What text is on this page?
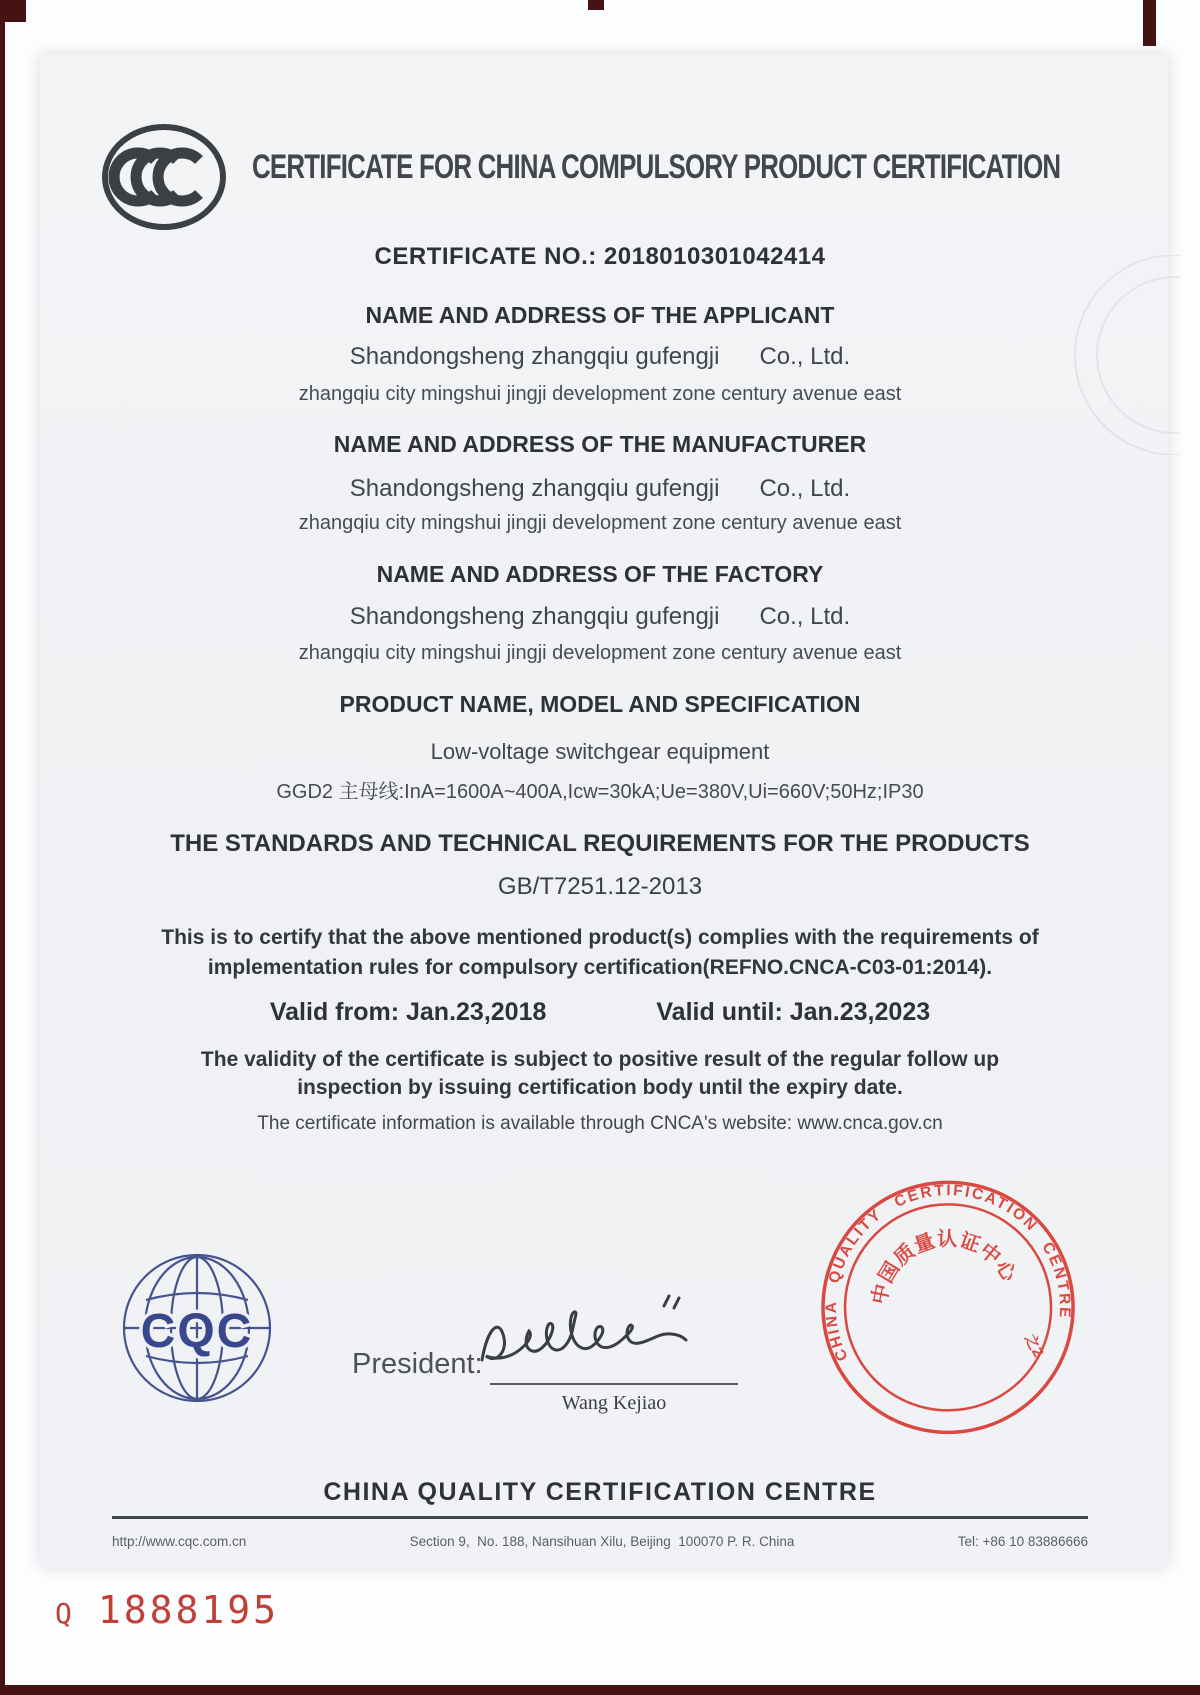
CERTIFICATE FOR CHINA COMPULSORY PRODUCT CERTIFICATION
CERTIFICATE NO.: 2018010301042414
NAME AND ADDRESS OF THE APPLICANT
Shandongsheng zhangqiu gufengji      Co., Ltd.
zhangqiu city mingshui jingji development zone century avenue east
NAME AND ADDRESS OF THE MANUFACTURER
Shandongsheng zhangqiu gufengji      Co., Ltd.
zhangqiu city mingshui jingji development zone century avenue east
NAME AND ADDRESS OF THE FACTORY
Shandongsheng zhangqiu gufengji      Co., Ltd.
zhangqiu city mingshui jingji development zone century avenue east
PRODUCT NAME, MODEL AND SPECIFICATION
Low-voltage switchgear equipment
GGD2 主母线:InA=1600A~400A,Icw=30kA;Ue=380V,Ui=660V;50Hz;IP30
THE STANDARDS AND TECHNICAL REQUIREMENTS FOR THE PRODUCTS
GB/T7251.12-2013
This is to certify that the above mentioned product(s) complies with the requirements of
implementation rules for compulsory certification(REFNO.CNCA-C03-01:2014).
Valid from: Jan.23,2018	Valid until: Jan.23,2023
The validity of the certificate is subject to positive result of the regular follow up
inspection by issuing certification body until the expiry date.
The certificate information is available through CNCA's website: www.cnca.gov.cn
CQC
President:
Wang Kejiao
CHINA QUALITY CERTIFICATION CENTRE
中国质量认证中心
之2
CHINA QUALITY CERTIFICATION CENTRE
http://www.cqc.com.cn	Section 9,  No. 188, Nansihuan Xilu, Beijing  100070 P. R. China	Tel: +86 10 83886666
Q 1888195
